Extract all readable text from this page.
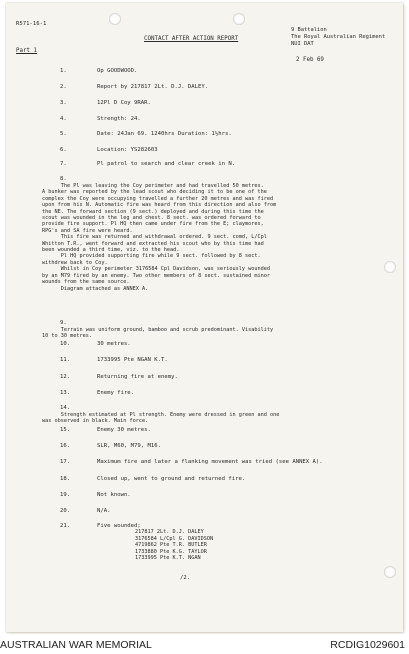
R571-16-1
CONTACT AFTER ACTION REPORT
9 Battalion
The Royal Australian Regiment
NUI DAT
2 Feb 69
Part 1
1.	Op GOODWOOD.
2.	Report by 217817 2Lt. D.J. DALEY.
3.	12Pl D Coy 9RAR.
4.	Strength: 24.
5.	Date: 24Jan 69. 1240hrs Duration: 1½hrs.
6.	Location: YS282603
7.	Pl patrol to search and clear creek in N.
8.
The Pl was leaving the Coy perimeter and had travelled 50 metres.
A bunker was reported by the lead scout who deciding it to be one of the
complex the Coy were occupying travelled a further 20 metres and was fired
upon from his N. Automatic fire was heard from this direction and also from
the NE. The forward section (9 sect.) deployed and during this time the
scout was wounded in the leg and chest. 8 sect. was ordered forward to
provide fire support. Pl HQ then came under fire from the E; claymores,
RPG's and SA fire were heard.
This fire was returned and withdrawal ordered. 9 sect. comd, L/Cpl
Whitton T.R., went forward and extracted his scout who by this time had
been wounded a third time, viz. to the head.
Pl HQ provided supporting fire while 9 sect. followed by 8 sect.
withdrew back to Coy.
Whilst in Coy perimeter 3176584 Cpl Davidson, was seriously wounded
by an M79 fired by an enemy. Two other members of 8 sect. sustained minor
wounds from the same source.
Diagram attached as ANNEX A.
9.
Terrain was uniform ground, bamboo and scrub predominant. Visability
10 to 30 metres.
10.	30 metres.
11.	1733995 Pte NGAN K.T.
12.	Returning fire at enemy.
13.	Enemy fire.
14.
Strength estimated at Pl strength. Enemy were dressed in green and one
was observed in black. Main force.
15.	Enemy 30 metres.
16.	SLR, M60, M79, M16.
17.	Maximum fire and later a flanking movement was tried (see ANNEX A).
18.	Closed up, went to ground and returned fire.
19.	Not known.
20.	N/A.
21.	Five wounded;
217817 2Lt. D.J. DALEY
3176584 L/Cpl G. DAVIDSON
4719862 Pte T.R. BUTLER
1733880 Pte K.G. TAYLOR
1733995 Pte K.T. NGAN
/2.
AUSTRALIAN WAR MEMORIAL	RCDIG1029601
